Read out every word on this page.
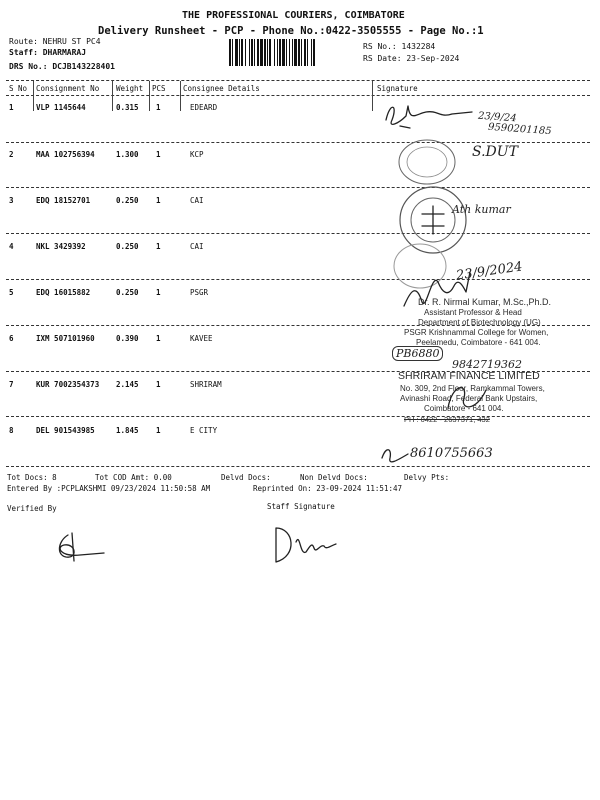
THE PROFESSIONAL COURIERS, COIMBATORE
Delivery Runsheet - PCP - Phone No.:0422-3505555 - Page No.:1
Route: NEHRU ST PC4
Staff: DHARMARAJ
DRS No.: DCJB143228401
RS No.: 1432284
RS Date: 23-Sep-2024
S No Consignment No Weight PCS Consignee Details	Signature
1	VLP 1145644	0.315 1	EDEARD
2	MAA 102756394	1.300 1	KCP
3	EDQ 18152701	0.250 1	CAI
4	NKL 3429392	0.250 1	CAI
5	EDQ 16015882	0.250 1	PSGR
6	IXM 507101960	0.390 1	KAVEE
7	KUR 7002354373 2.145 1	SHRIRAM
8	DEL 901543985	1.845 1	E CITY
Tot Docs: 8	Tot COD Amt: 0.00	Delvd Docs:	Non Delvd Docs:	Delvy Pts:
Entered By :PCPLAKSHMI 09/23/2024 11:50:58 AM	Reprinted On: 23-09-2024 11:51:47
Verified By	Staff Signature
23/9/24
9590201185
S.DUT
Ath kumar
23/9/2024
Dr. R. Nirmal Kumar, M.Sc.,Ph.D.
Assistant Professor & Head
Department of Biotechnology (UG)
PSGR Krishnammal College for Women,
Peelamedu, Coimbatore - 641 004.
PB6880
9842719362
SHRIRAM FINANCE LIMITED
No. 309, 2nd Floor, Ramkammal Towers,
Avinashi Road, Federal Bank Upstairs,
Coimbatore - 641 004.
PH : 0422 - 2637371, 432
8610755663
